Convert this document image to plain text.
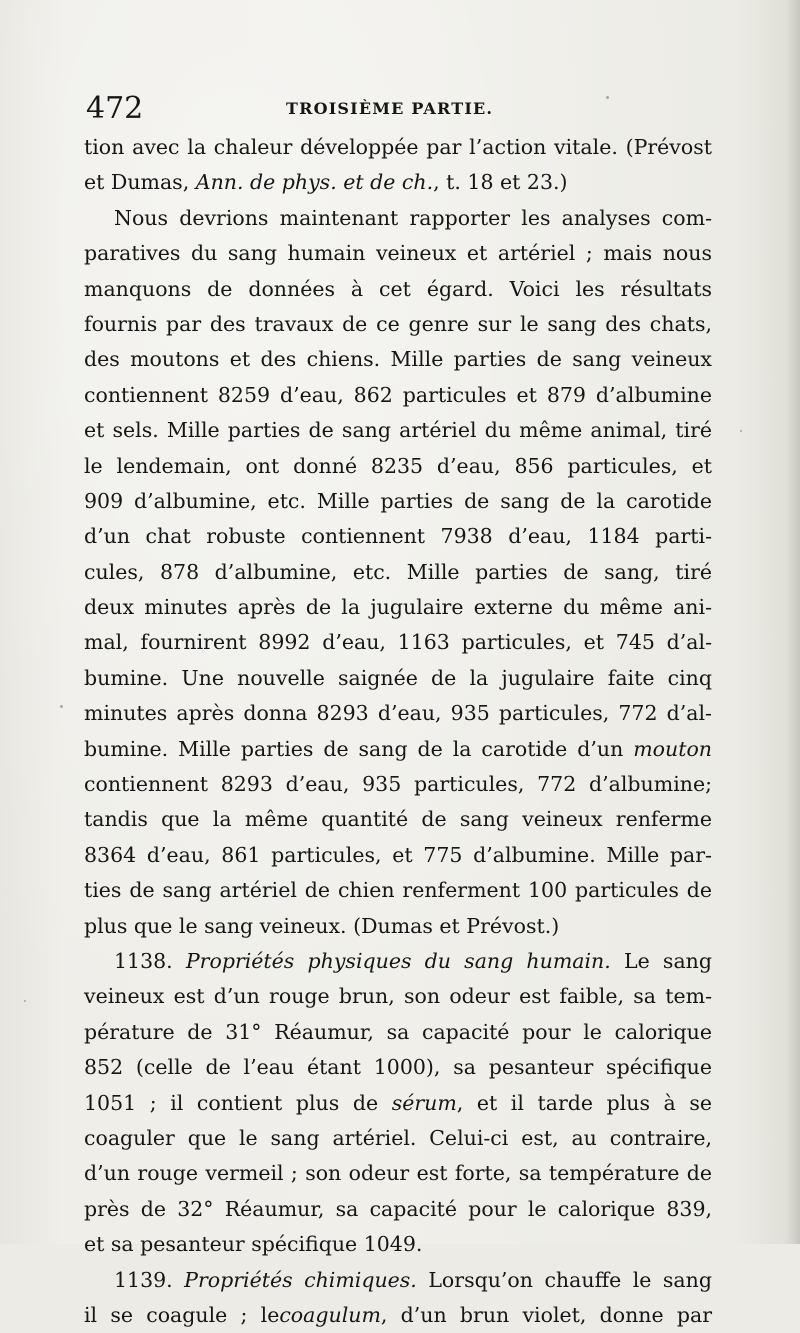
472	TROISIÈME PARTIE.
tion avec la chaleur développée par l’action vitale. (Prévost
et Dumas, Ann. de phys. et de ch., t. 18 et 23.)
Nous devrions maintenant rapporter les analyses com-
paratives du sang humain veineux et artériel ; mais nous
manquons de données à cet égard. Voici les résultats
fournis par des travaux de ce genre sur le sang des chats,
des moutons et des chiens. Mille parties de sang veineux
contiennent 8259 d’eau, 862 particules et 879 d’albumine
et sels. Mille parties de sang artériel du même animal, tiré
le lendemain, ont donné 8235 d’eau, 856 particules, et
909 d’albumine, etc. Mille parties de sang de la carotide
d’un chat robuste contiennent 7938 d’eau, 1184 parti-
cules, 878 d’albumine, etc. Mille parties de sang, tiré
deux minutes après de la jugulaire externe du même ani-
mal, fournirent 8992 d’eau, 1163 particules, et 745 d’al-
bumine. Une nouvelle saignée de la jugulaire faite cinq
minutes après donna 8293 d’eau, 935 particules, 772 d’al-
bumine. Mille parties de sang de la carotide d’un mouton
contiennent 8293 d’eau, 935 particules, 772 d’albumine;
tandis que la même quantité de sang veineux renferme
8364 d’eau, 861 particules, et 775 d’albumine. Mille par-
ties de sang artériel de chien renferment 100 particules de
plus que le sang veineux. (Dumas et Prévost.)
1138. Propriétés physiques du sang humain. Le sang
veineux est d’un rouge brun, son odeur est faible, sa tem-
pérature de 31° Réaumur, sa capacité pour le calorique
852 (celle de l’eau étant 1000), sa pesanteur spécifique
1051 ; il contient plus de sérum, et il tarde plus à se
coaguler que le sang artériel. Celui-ci est, au contraire,
d’un rouge vermeil ; son odeur est forte, sa température de
près de 32° Réaumur, sa capacité pour le calorique 839,
et sa pesanteur spécifique 1049.
1139. Propriétés chimiques. Lorsqu’on chauffe le sang
il se coagule ; lecoagulum, d’un brun violet, donne par
